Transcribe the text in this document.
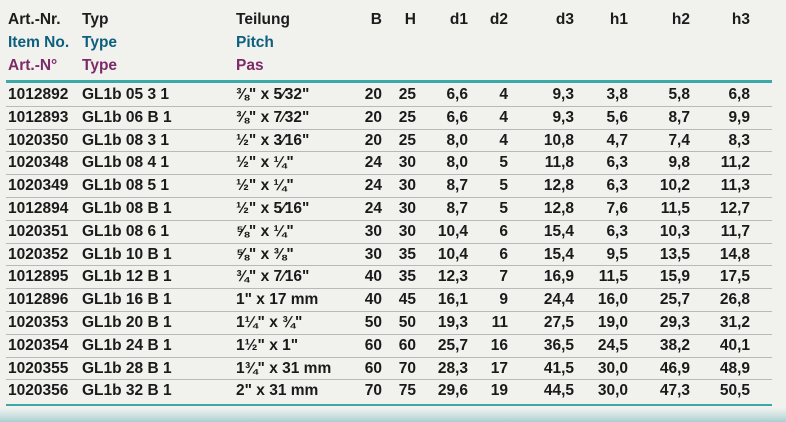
Art.-Nr. Typ	Teilung	B	H	d1	d2	d3	h1	h2	h3
Item No. Type	Pitch
Art.-N° Type	Pas
1012892 GL1b 05 3 1	⅜" x 5⁄32"	20	25	6,6	4	9,3	3,8	5,8	6,8
1012893 GL1b 06 B 1	⅜" x 7⁄32"	20	25	6,6	4	9,3	5,6	8,7	9,9
1020350 GL1b 08 3 1	½" x 3⁄16"	20	25	8,0	4	10,8	4,7	7,4	8,3
1020348 GL1b 08 4 1	½" x ¼"	24	30	8,0	5	11,8	6,3	9,8	11,2
1020349 GL1b 08 5 1	½" x ¼"	24	30	8,7	5	12,8	6,3	10,2	11,3
1012894 GL1b 08 B 1	½" x 5⁄16"	24	30	8,7	5	12,8	7,6	11,5	12,7
1020351 GL1b 08 6 1	⅝" x ¼"	30	30	10,4	6	15,4	6,3	10,3	11,7
1020352 GL1b 10 B 1	⅝" x ⅜"	30	35	10,4	6	15,4	9,5	13,5	14,8
1012895 GL1b 12 B 1	¾" x 7⁄16"	40	35	12,3	7	16,9	11,5	15,9	17,5
1012896 GL1b 16 B 1	1" x 17 mm	40	45	16,1	9	24,4	16,0	25,7	26,8
1020353 GL1b 20 B 1	1¼" x ¾"	50	50	19,3	11	27,5	19,0	29,3	31,2
1020354 GL1b 24 B 1	1½" x 1"	60	60	25,7	16	36,5	24,5	38,2	40,1
1020355 GL1b 28 B 1	1¾" x 31 mm	60	70	28,3	17	41,5	30,0	46,9	48,9
1020356 GL1b 32 B 1	2" x 31 mm	70	75	29,6	19	44,5	30,0	47,3	50,5
